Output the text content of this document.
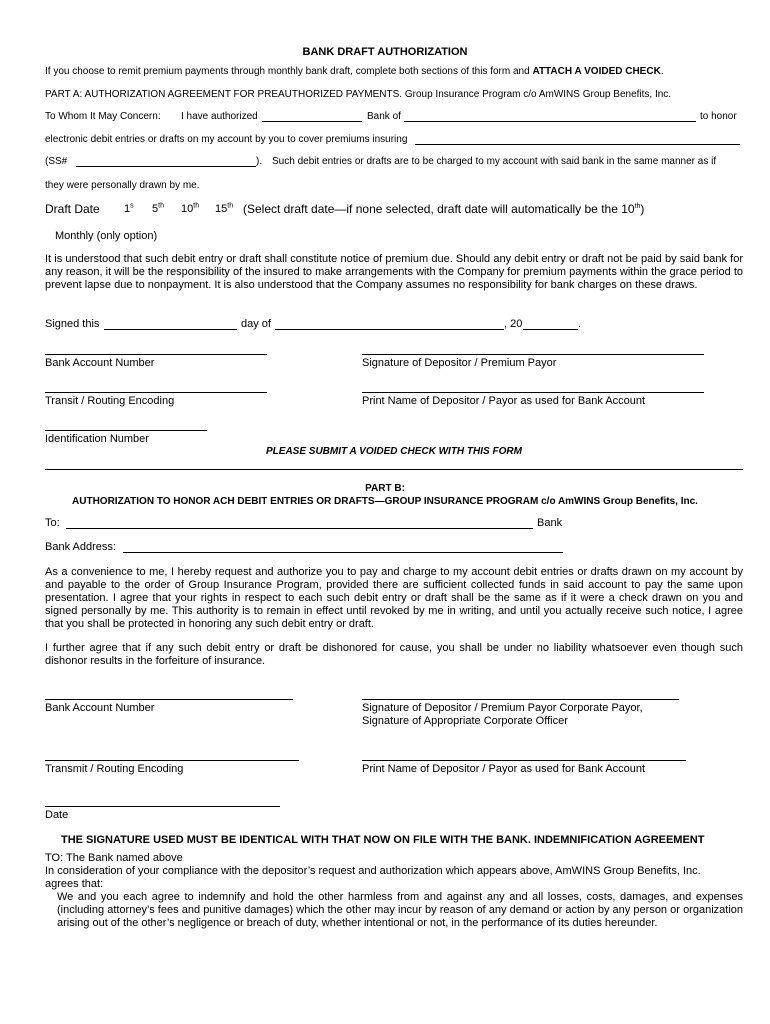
BANK DRAFT AUTHORIZATION
If you choose to remit premium payments through monthly bank draft, complete both sections of this form and ATTACH A VOIDED CHECK.
PART A: AUTHORIZATION AGREEMENT FOR PREAUTHORIZED PAYMENTS. Group Insurance Program c/o AmWINS Group Benefits, Inc.
To Whom It May Concern: I have authorized	Bank of	to honor
electronic debit entries or drafts on my account by you to cover premiums insuring
(SS#	). Such debit entries or drafts are to be charged to my account with said bank in the same manner as if
they were personally drawn by me.
Draft Date 1$^s$ 5th 10th 15th (Select draft date—if none selected, draft date will automatically be the 10th)
Monthly (only option)
It is understood that such debit entry or draft shall constitute notice of premium due. Should any debit entry or draft not be paid by said bank for any reason, it will be the responsibility of the insured to make arrangements with the Company for premium payments within the grace period to prevent lapse due to nonpayment. It is also understood that the Company assumes no responsibility for bank charges on these draws.
Signed this	day of	, 20	.
Bank Account Number	Signature of Depositor / Premium Payor
Transit / Routing Encoding	Print Name of Depositor / Payor as used for Bank Account
Identification Number
PLEASE SUBMIT A VOIDED CHECK WITH THIS FORM
PART B:
AUTHORIZATION TO HONOR ACH DEBIT ENTRIES OR DRAFTS—GROUP INSURANCE PROGRAM c/o AmWINS Group Benefits, Inc.
To:	Bank
Bank Address:
As a convenience to me, I hereby request and authorize you to pay and charge to my account debit entries or drafts drawn on my account by and payable to the order of Group Insurance Program, provided there are sufficient collected funds in said account to pay the same upon presentation. I agree that your rights in respect to each such debit entry or draft shall be the same as if it were a check drawn on you and signed personally by me. This authority is to remain in effect until revoked by me in writing, and until you actually receive such notice, I agree that you shall be protected in honoring any such debit entry or draft.
I further agree that if any such debit entry or draft be dishonored for cause, you shall be under no liability whatsoever even though such dishonor results in the forfeiture of insurance.
Bank Account Number	Signature of Depositor / Premium Payor Corporate Payor,
Signature of Appropriate Corporate Officer
Transmit / Routing Encoding	Print Name of Depositor / Payor as used for Bank Account
Date
THE SIGNATURE USED MUST BE IDENTICAL WITH THAT NOW ON FILE WITH THE BANK. INDEMNIFICATION AGREEMENT
TO: The Bank named above
In consideration of your compliance with the depositor’s request and authorization which appears above, AmWINS Group Benefits, Inc.
agrees that:
We and you each agree to indemnify and hold the other harmless from and against any and all losses, costs, damages, and expenses (including attorney’s fees and punitive damages) which the other may incur by reason of any demand or action by any person or organization arising out of the other’s negligence or breach of duty, whether intentional or not, in the performance of its duties hereunder.
